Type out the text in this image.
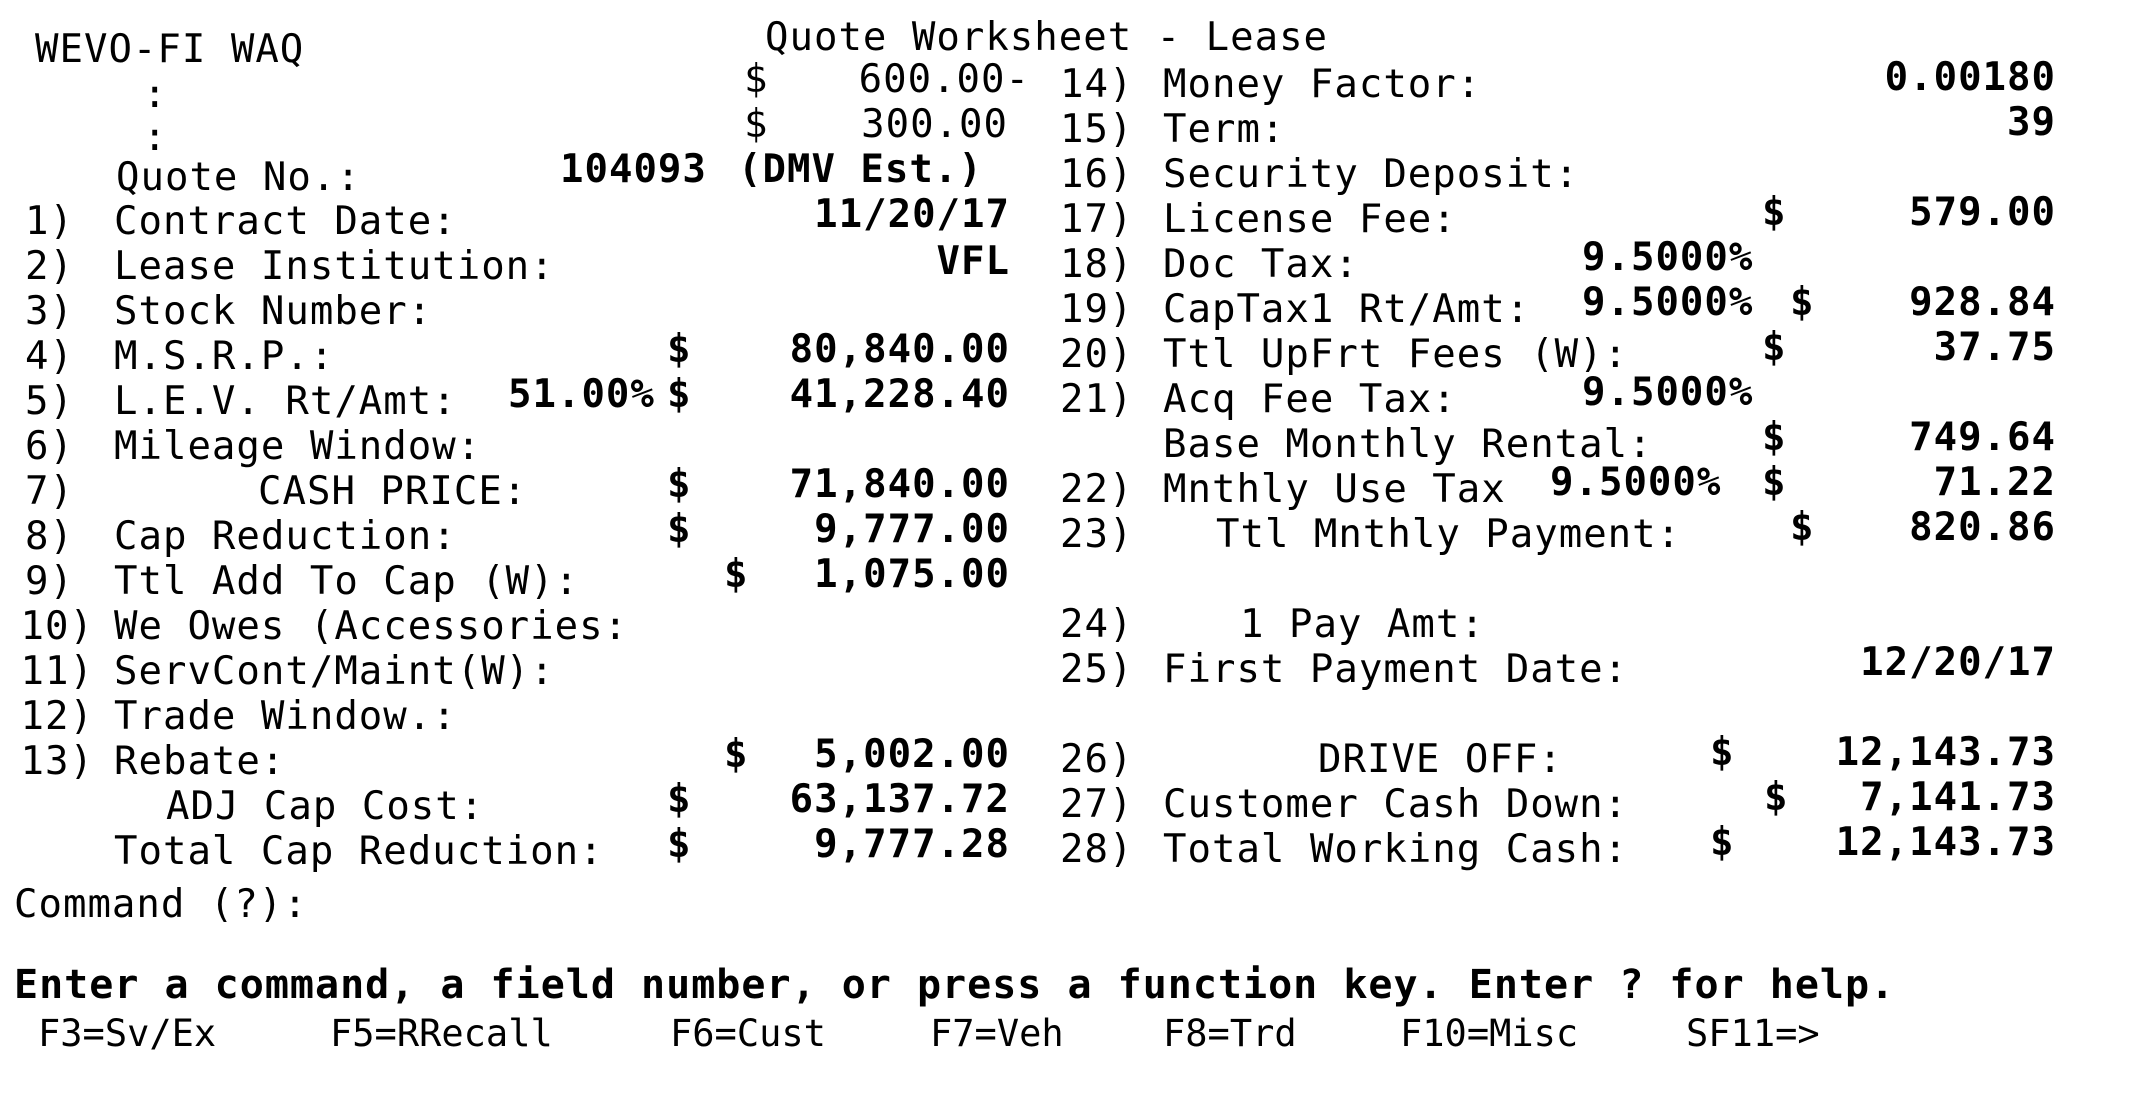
WEVO-FI WAQ	Quote Worksheet - Lease
:
:
$	600.00-
$	300.00
Quote No.:	104093 (DMV Est.)
1) Contract Date:	11/20/17
2) Lease Institution:	VFL
3) Stock Number:
4) M.S.R.P.:	$	80,840.00
5) L.E.V. Rt/Amt: 51.00% $	41,228.40
6) Mileage Window:
7)	CASH PRICE:	$	71,840.00
8) Cap Reduction:	$	9,777.00
9) Ttl Add To Cap (W):	$	1,075.00
10) We Owes (Accessories:
11) ServCont/Maint(W):
12) Trade Window.:
13) Rebate:	$	5,002.00
ADJ Cap Cost:	$	63,137.72
Total Cap Reduction: $	9,777.28
14) Money Factor:	0.00180
15) Term:	39
16) Security Deposit:
17) License Fee:	$	579.00
18) Doc Tax:	9.5000%
19) CapTax1 Rt/Amt: 9.5000% $	928.84
20) Ttl UpFrt Fees (W):	$	37.75
21) Acq Fee Tax:	9.5000%
Base Monthly Rental:	$	749.64
22) Mnthly Use Tax 9.5000% $	71.22
23) Ttl Mnthly Payment:	$	820.86
24)	1 Pay Amt:
25) First Payment Date:	12/20/17
26)	DRIVE OFF:	$	12,143.73
27) Customer Cash Down:	$	7,141.73
28) Total Working Cash: $	12,143.73
Command (?):
Enter a command, a field number, or press a function key. Enter ? for help.
F3=Sv/Ex	F5=RRecall	F6=Cust	F7=Veh	F8=Trd	F10=Misc	SF11=>
